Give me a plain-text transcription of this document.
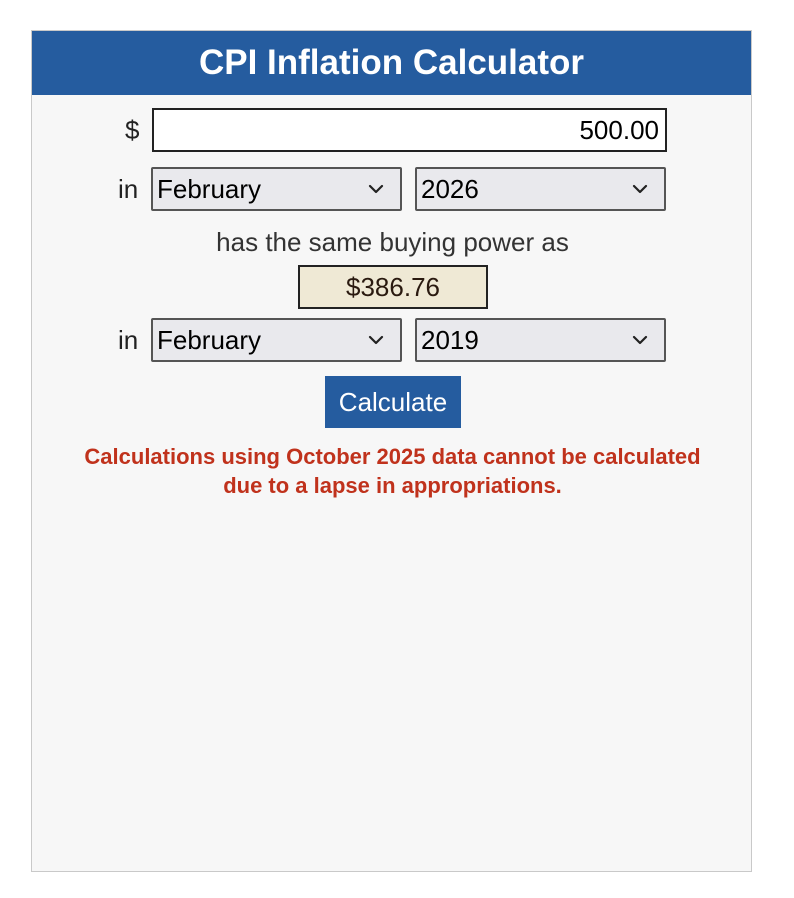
CPI Inflation Calculator
$
500.00
in February	2026
has the same buying power as
$386.76
in February	2019
Calculate
Calculations using October 2025 data cannot be calculated
due to a lapse in appropriations.
